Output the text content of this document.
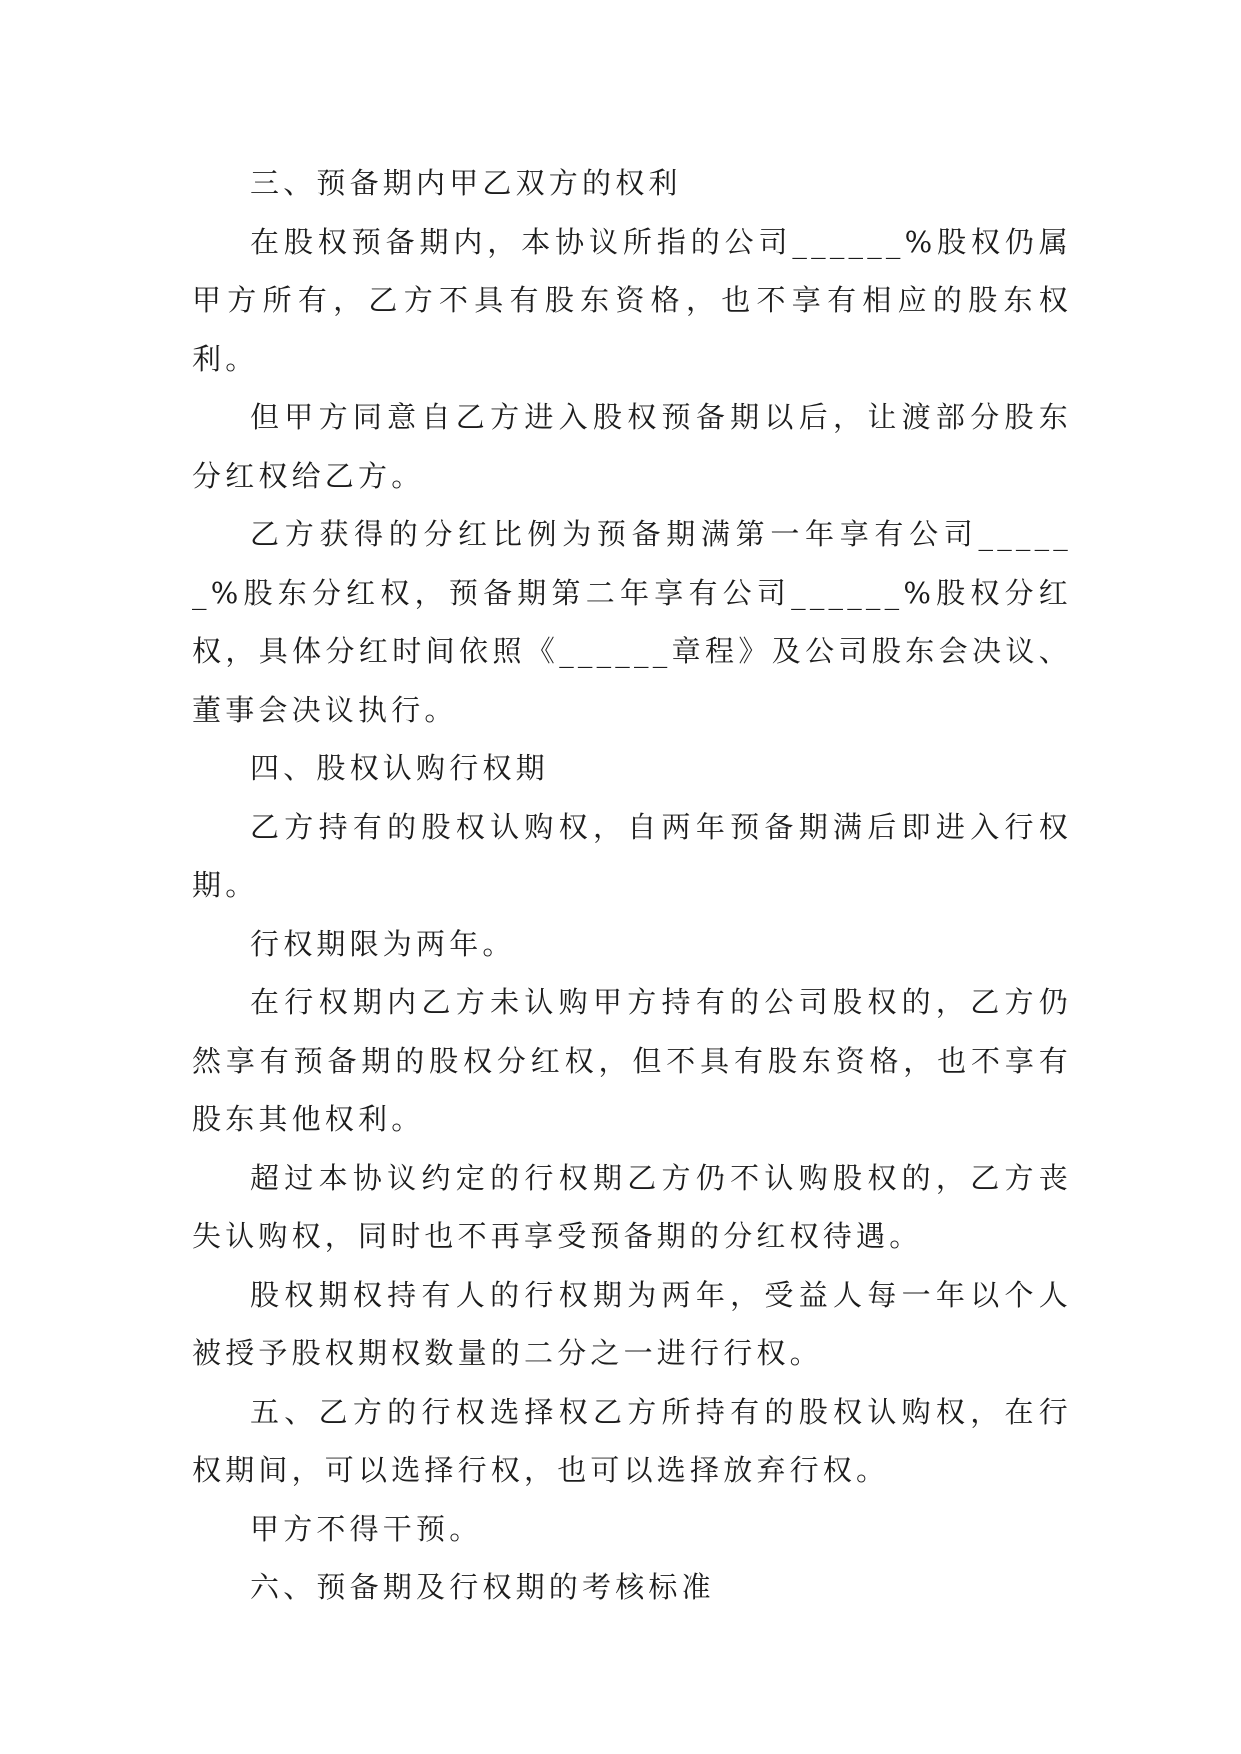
三、预备期内甲乙双方的权利

在股权预备期内，本协议所指的公司______%股权仍属甲方所有，乙方不具有股东资格，也不享有相应的股东权利。

但甲方同意自乙方进入股权预备期以后，让渡部分股东分红权给乙方。

乙方获得的分红比例为预备期满第一年享有公司______%股东分红权，预备期第二年享有公司______%股权分红权，具体分红时间依照《______章程》及公司股东会决议、董事会决议执行。

四、股权认购行权期

乙方持有的股权认购权，自两年预备期满后即进入行权期。

行权期限为两年。

在行权期内乙方未认购甲方持有的公司股权的，乙方仍然享有预备期的股权分红权，但不具有股东资格，也不享有股东其他权利。

超过本协议约定的行权期乙方仍不认购股权的，乙方丧失认购权，同时也不再享受预备期的分红权待遇。

股权期权持有人的行权期为两年，受益人每一年以个人被授予股权期权数量的二分之一进行行权。

五、乙方的行权选择权乙方所持有的股权认购权，在行权期间，可以选择行权，也可以选择放弃行权。

甲方不得干预。

六、预备期及行权期的考核标准
